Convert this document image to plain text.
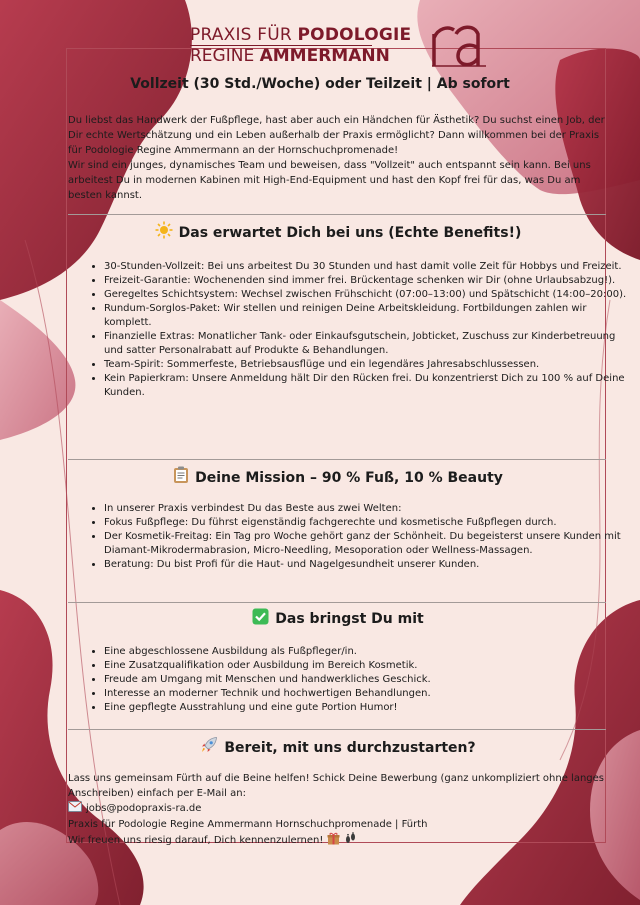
PRAXIS FÜR PODOLOGIE
REGINE AMMERMANN
Vollzeit (30 Std./Woche) oder Teilzeit | Ab sofort

Du liebst das Handwerk der Fußpflege, hast aber auch ein Händchen für Ästhetik? Du suchst einen Job, der Dir echte Wertschätzung und ein Leben außerhalb der Praxis ermöglicht? Dann willkommen bei der Praxis für Podologie Regine Ammermann an der Hornschuchpromenade!

Wir sind ein junges, dynamisches Team und beweisen, dass "Vollzeit" auch entspannt sein kann. Bei uns arbeitest Du in modernen Kabinen mit High-End-Equipment und hast den Kopf frei für das, was Du am besten kannst.

Das erwartet Dich bei uns (Echte Benefits!)
• 30-Stunden-Vollzeit: Bei uns arbeitest Du 30 Stunden und hast damit volle Zeit für Hobbys und Freizeit.
• Freizeit-Garantie: Wochenenden sind immer frei. Brückentage schenken wir Dir (ohne Urlaubsabzug!).
• Geregeltes Schichtsystem: Wechsel zwischen Frühschicht (07:00–13:00) und Spätschicht (14:00–20:00).
• Rundum-Sorglos-Paket: Wir stellen und reinigen Deine Arbeitskleidung. Fortbildungen zahlen wir komplett.
• Finanzielle Extras: Monatlicher Tank- oder Einkaufsgutschein, Jobticket, Zuschuss zur Kinderbetreuung und satter Personalrabatt auf Produkte & Behandlungen.
• Team-Spirit: Sommerfeste, Betriebsausflüge und ein legendäres Jahresabschlussessen.
• Kein Papierkram: Unsere Anmeldung hält Dir den Rücken frei. Du konzentrierst Dich zu 100 % auf Deine Kunden.
Deine Mission – 90 % Fuß, 10 % Beauty
• In unserer Praxis verbindest Du das Beste aus zwei Welten:
• Fokus Fußpflege: Du führst eigenständig fachgerechte und kosmetische Fußpflegen durch.
• Der Kosmetik-Freitag: Ein Tag pro Woche gehört ganz der Schönheit. Du begeisterst unsere Kunden mit Diamant-Mikrodermabrasion, Micro-Needling, Mesoporation oder Wellness-Massagen.
• Beratung: Du bist Profi für die Haut- und Nagelgesundheit unserer Kunden.
Das bringst Du mit
• Eine abgeschlossene Ausbildung als Fußpfleger/in.
• Eine Zusatzqualifikation oder Ausbildung im Bereich Kosmetik.
• Freude am Umgang mit Menschen und handwerkliches Geschick.
• Interesse an moderner Technik und hochwertigen Behandlungen.
• Eine gepflegte Ausstrahlung und eine gute Portion Humor!
Bereit, mit uns durchzustarten?

Lass uns gemeinsam Fürth auf die Beine helfen! Schick Deine Bewerbung (ganz unkompliziert ohne langes Anschreiben) einfach per E-Mail an:

jobs@podopraxis-ra.de

Praxis für Podologie Regine Ammermann Hornschuchpromenade | Fürth

Wir freuen uns riesig darauf, Dich kennenzulernen!
